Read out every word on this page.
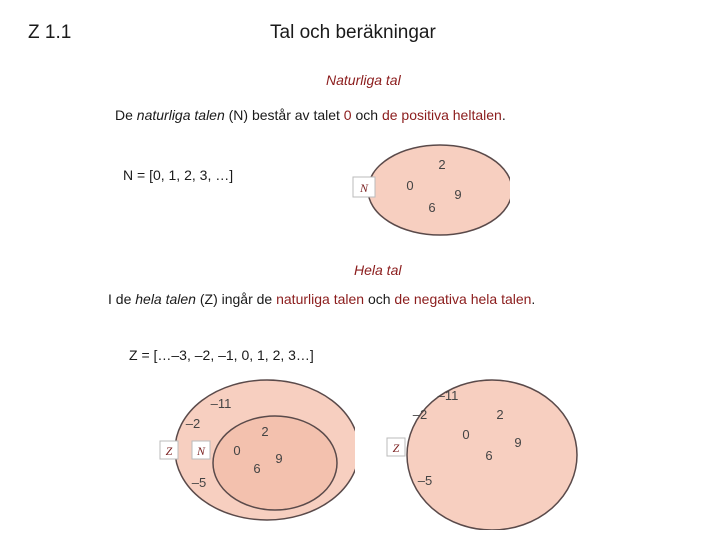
Z 1.1	Tal och beräkningar
Naturliga tal
De naturliga talen (N) består av talet 0 och de positiva heltalen.
N = [0, 1, 2, 3, …]
N	0
2
6
9
Hela tal
I de hela talen (Z) ingår de naturliga talen och de negativa hela talen.
Z = […–3, –2, –1, 0, 1, 2, 3…]
Z N
–11
–2
–5
0
2
6
9
Z
–11
–2	2
0
9
6
–5
